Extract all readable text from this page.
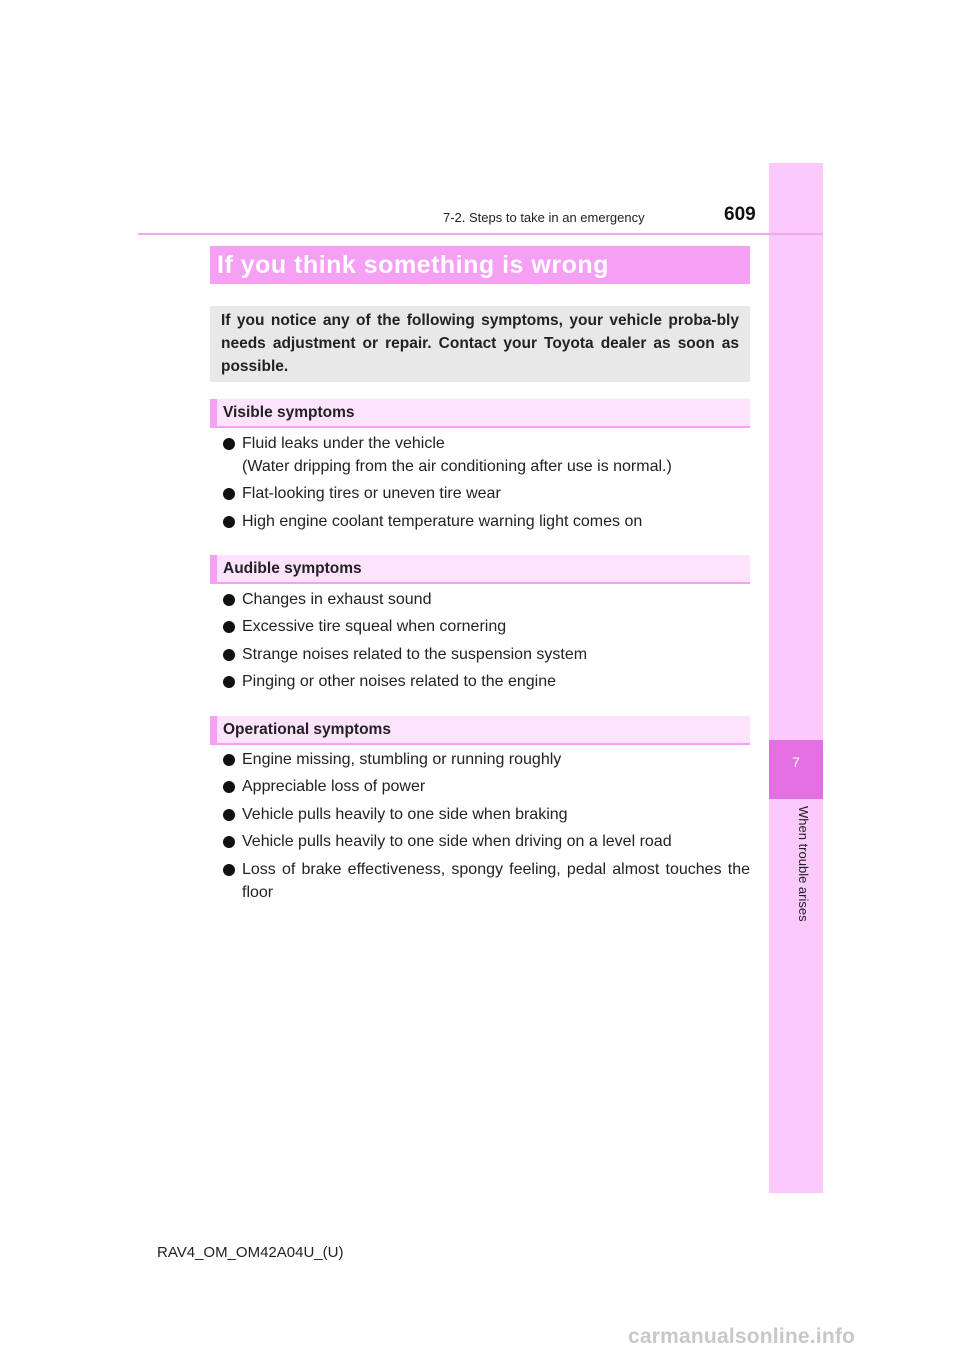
7
When trouble arises
7-2. Steps to take in an emergency	609
If you think something is wrong
If you notice any of the following symptoms, your vehicle proba-bly needs adjustment or repair. Contact your Toyota dealer as soon as possible.
Visible symptoms
Fluid leaks under the vehicle
(Water dripping from the air conditioning after use is normal.)
Flat-looking tires or uneven tire wear
High engine coolant temperature warning light comes on
Audible symptoms
Changes in exhaust sound
Excessive tire squeal when cornering
Strange noises related to the suspension system
Pinging or other noises related to the engine
Operational symptoms
Engine missing, stumbling or running roughly
Appreciable loss of power
Vehicle pulls heavily to one side when braking
Vehicle pulls heavily to one side when driving on a level road
Loss of brake effectiveness, spongy feeling, pedal almost touches the floor
RAV4_OM_OM42A04U_(U)
carmanualsonline.info
